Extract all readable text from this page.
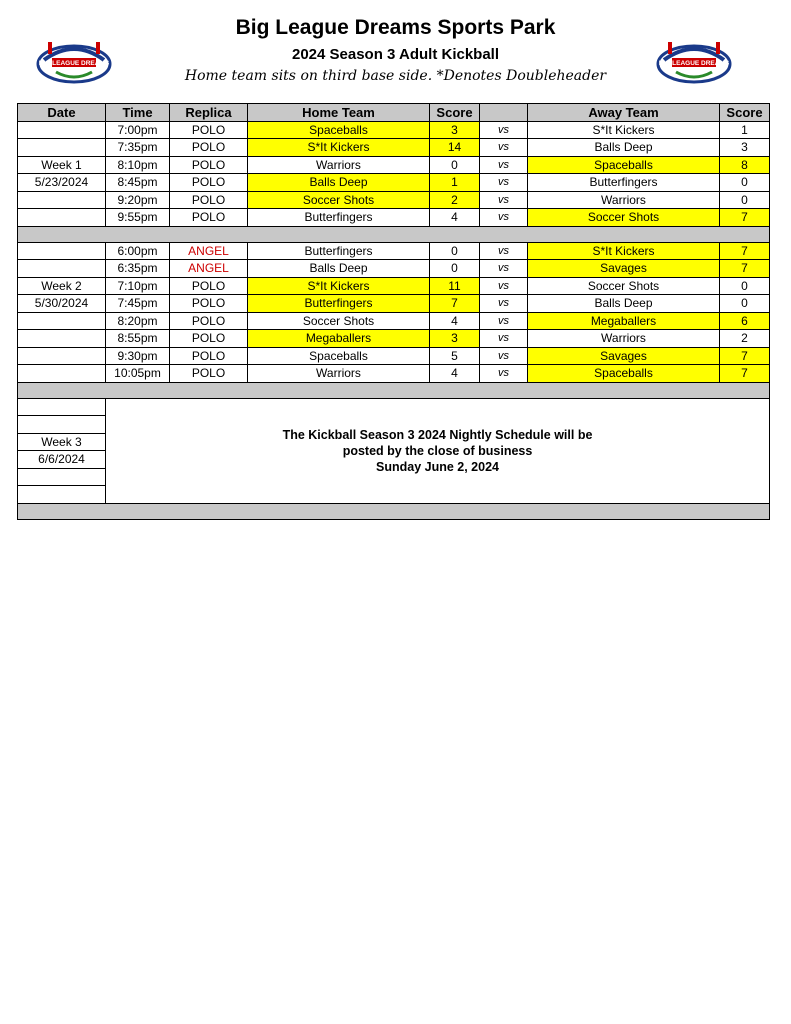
BIG LEAGUE DREAMS
Big League Dreams Sports Park
2024 Season 3 Adult Kickball
Home team sits on third base side. *Denotes Doubleheader
BIG LEAGUE DREAMS
Date	Time	Replica	Home Team	Score		Away Team	Score
	7:00pm	POLO	Spaceballs	3	vs	S*It Kickers	1
	7:35pm	POLO	S*It Kickers	14	vs	Balls Deep	3
Week 1	8:10pm	POLO	Warriors	0	vs	Spaceballs	8
5/23/2024	8:45pm	POLO	Balls Deep	1	vs	Butterfingers	0
	9:20pm	POLO	Soccer Shots	2	vs	Warriors	0
	9:55pm	POLO	Butterfingers	4	vs	Soccer Shots	7

	6:00pm	ANGEL	Butterfingers	0	vs	S*It Kickers	7
	6:35pm	ANGEL	Balls Deep	0	vs	Savages	7
Week 2	7:10pm	POLO	S*It Kickers	11	vs	Soccer Shots	0
5/30/2024	7:45pm	POLO	Butterfingers	7	vs	Balls Deep	0
	8:20pm	POLO	Soccer Shots	4	vs	Megaballers	6
	8:55pm	POLO	Megaballers	3	vs	Warriors	2
	9:30pm	POLO	Spaceballs	5	vs	Savages	7
	10:05pm	POLO	Warriors	4	vs	Spaceballs	7

	The Kickball Season 3 2024 Nightly Schedule will be
posted by the close of business
Sunday June 2, 2024						

Week 3							
6/6/2024							
